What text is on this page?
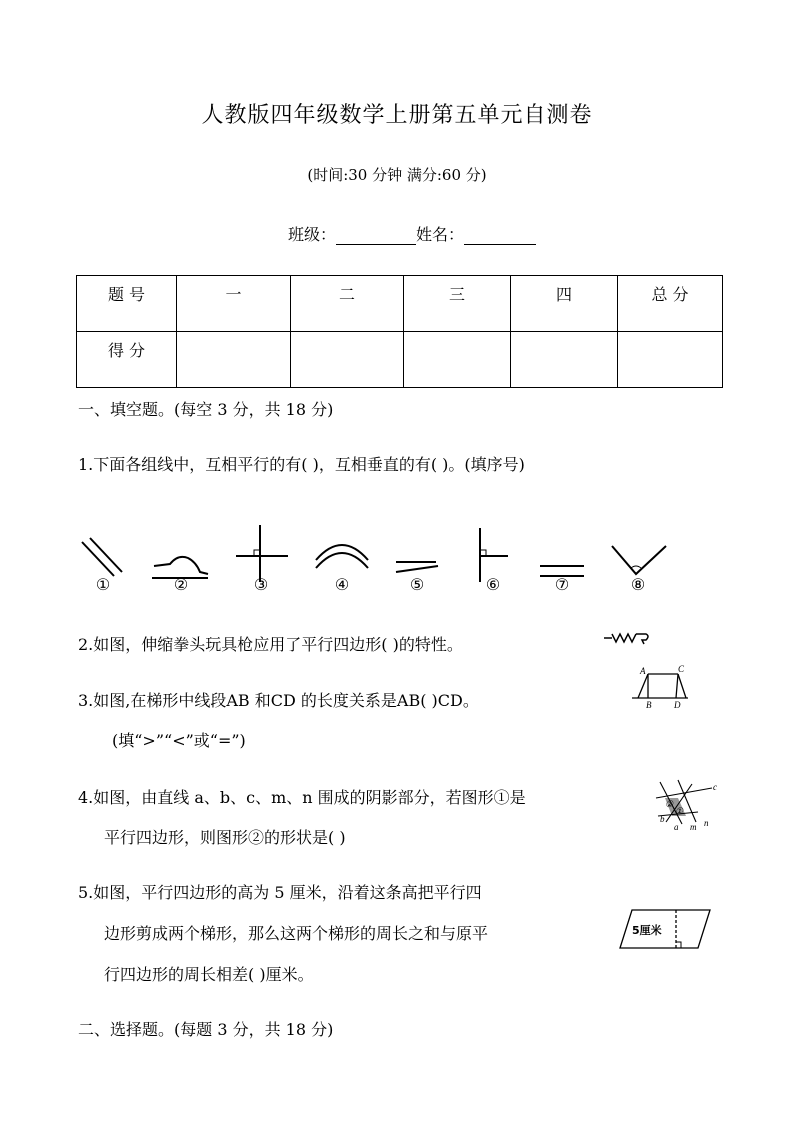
人教版四年级数学上册第五单元自测卷
(时间:30 分钟 满分:60 分)
班级：	姓名：
题 号	一	二	三	四	总 分
得 分					
一、填空题。(每空 3 分，共 18 分)
1.下面各组线中，互相平行的有( )，互相垂直的有( )。(填序号)
①	②	③	④	⑤	⑥	⑦	⑧
2.如图，伸缩拳头玩具枪应用了平行四边形( )的特性。
3.如图,在梯形中线段AB 和CD 的长度关系是AB( )CD。
(填“>”“<”或“=”)
A	C
B	D
4.如图，由直线 a、b、c、m、n 围成的阴影部分，若图形①是
平行四边形，则图形②的形状是( )
c
b
a m n
②
①
5.如图，平行四边形的高为 5 厘米，沿着这条高把平行四
边形剪成两个梯形，那么这两个梯形的周长之和与原平
行四边形的周长相差( )厘米。
5厘米
二、选择题。(每题 3 分，共 18 分)
